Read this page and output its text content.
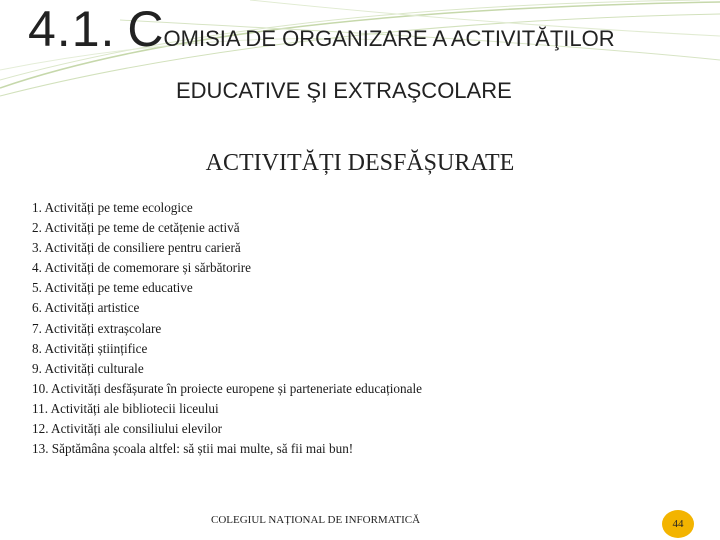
4.1. COMISIA DE ORGANIZARE A ACTIVITĂŢILOR
EDUCATIVE ŞI EXTRAŞCOLARE
ACTIVITĂȚI DESFĂȘURATE
1. Activități pe teme ecologice
2. Activități pe teme de cetățenie activă
3. Activități de consiliere pentru carieră
4. Activități de comemorare și sărbătorire
5. Activități pe teme educative
6. Activități artistice
7. Activități extrașcolare
8. Activități științifice
9. Activități culturale
10. Activități desfășurate în proiecte europene și parteneriate educaționale
11. Activități ale bibliotecii liceului
12. Activități ale consiliului elevilor
13. Săptămâna școala altfel: să știi mai multe, să fii mai bun!
COLEGIUL NAȚIONAL DE INFORMATICĂ	44
